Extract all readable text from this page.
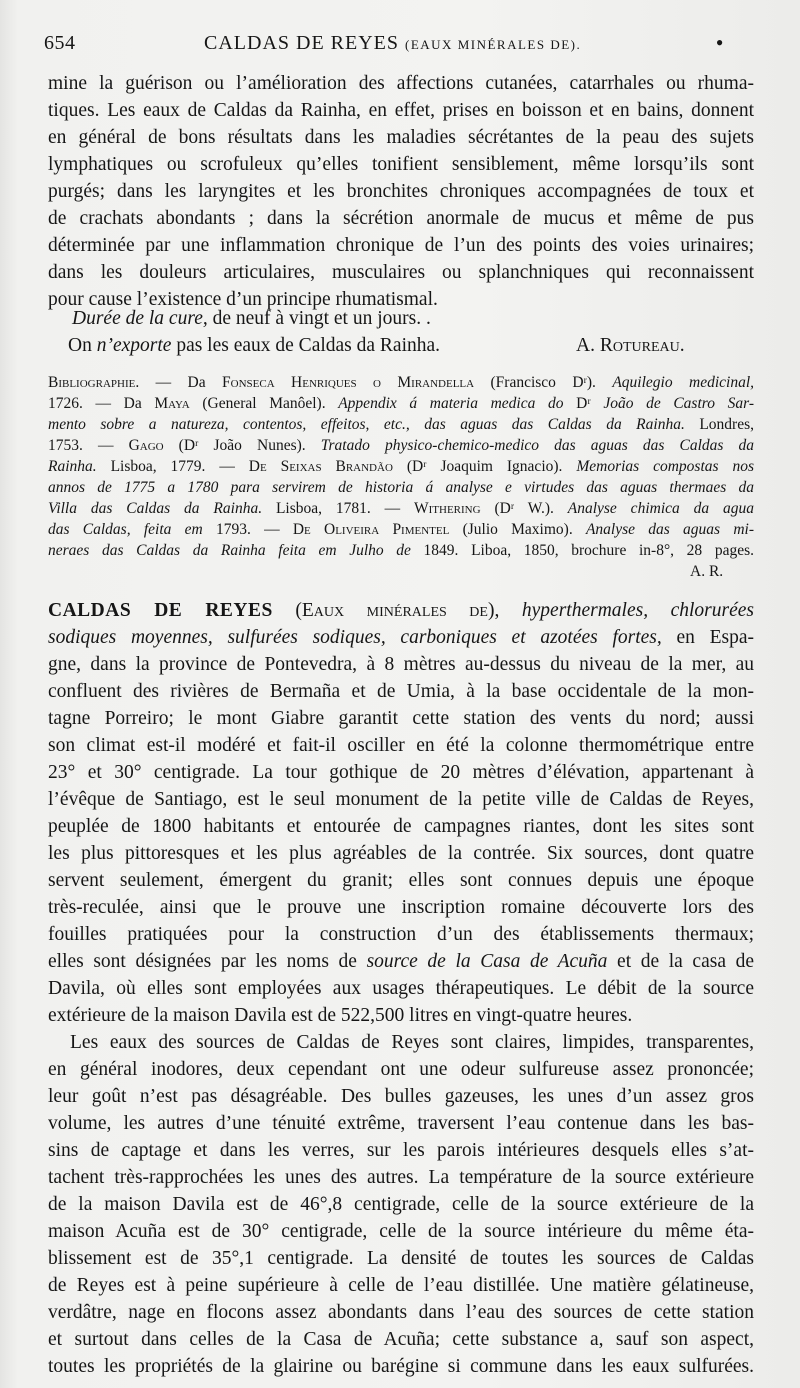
654	CALDAS DE REYES (EAUX MINÉRALES DE).	•
mine la guérison ou l’amélioration des affections cutanées, catarrhales ou rhuma-
tiques. Les eaux de Caldas da Rainha, en effet, prises en boisson et en bains, donnent
en général de bons résultats dans les maladies sécrétantes de la peau des sujets
lymphatiques ou scrofuleux qu’elles tonifient sensiblement, même lorsqu’ils sont
purgés; dans les laryngites et les bronchites chroniques accompagnées de toux et
de crachats abondants ; dans la sécrétion anormale de mucus et même de pus
déterminée par une inflammation chronique de l’un des points des voies urinaires;
dans les douleurs articulaires, musculaires ou splanchniques qui reconnaissent
pour cause l’existence d’un principe rhumatismal.
Durée de la cure, de neuf à vingt et un jours. .
On n’exporte pas les eaux de Caldas da Rainha.	A. Rotureau.
Bibliographie. — Da Fonseca Henriques o Mirandella (Francisco Dʳ). Aquilegio medicinal,
1726. — Da Maya (General Manôel). Appendix á materia medica do Dʳ João de Castro Sar-
mento sobre a natureza, contentos, effeitos, etc., das aguas das Caldas da Rainha. Londres,
1753. — Gago (Dʳ João Nunes). Tratado physico-chemico-medico das aguas das Caldas da
Rainha. Lisboa, 1779. — De Seixas Brandão (Dʳ Joaquim Ignacio). Memorias compostas nos
annos de 1775 a 1780 para servirem de historia á analyse e virtudes das aguas thermaes da
Villa das Caldas da Rainha. Lisboa, 1781. — Withering (Dʳ W.). Analyse chimica da agua
das Caldas, feita em 1793. — De Oliveira Pimentel (Julio Maximo). Analyse das aguas mi-
neraes das Caldas da Rainha feita em Julho de 1849. Liboa, 1850, brochure in-8°, 28 pages.
A. R.
CALDAS DE REYES (Eaux minérales de), hyperthermales, chlorurées
sodiques moyennes, sulfurées sodiques, carboniques et azotées fortes, en Espa-
gne, dans la province de Pontevedra, à 8 mètres au-dessus du niveau de la mer, au
confluent des rivières de Bermaña et de Umia, à la base occidentale de la mon-
tagne Porreiro; le mont Giabre garantit cette station des vents du nord; aussi
son climat est-il modéré et fait-il osciller en été la colonne thermométrique entre
23° et 30° centigrade. La tour gothique de 20 mètres d’élévation, appartenant à
l’évêque de Santiago, est le seul monument de la petite ville de Caldas de Reyes,
peuplée de 1800 habitants et entourée de campagnes riantes, dont les sites sont
les plus pittoresques et les plus agréables de la contrée. Six sources, dont quatre
servent seulement, émergent du granit; elles sont connues depuis une époque
très-reculée, ainsi que le prouve une inscription romaine découverte lors des
fouilles pratiquées pour la construction d’un des établissements thermaux;
elles sont désignées par les noms de source de la Casa de Acuña et de la casa de
Davila, où elles sont employées aux usages thérapeutiques. Le débit de la source
extérieure de la maison Davila est de 522,500 litres en vingt-quatre heures.
Les eaux des sources de Caldas de Reyes sont claires, limpides, transparentes,
en général inodores, deux cependant ont une odeur sulfureuse assez prononcée;
leur goût n’est pas désagréable. Des bulles gazeuses, les unes d’un assez gros
volume, les autres d’une ténuité extrême, traversent l’eau contenue dans les bas-
sins de captage et dans les verres, sur les parois intérieures desquels elles s’at-
tachent très-rapprochées les unes des autres. La température de la source extérieure
de la maison Davila est de 46°,8 centigrade, celle de la source extérieure de la
maison Acuña est de 30° centigrade, celle de la source intérieure du même éta-
blissement est de 35°,1 centigrade. La densité de toutes les sources de Caldas
de Reyes est à peine supérieure à celle de l’eau distillée. Une matière gélatineuse,
verdâtre, nage en flocons assez abondants dans l’eau des sources de cette station
et surtout dans celles de la Casa de Acuña; cette substance a, sauf son aspect,
toutes les propriétés de la glairine ou barégine si commune dans les eaux sulfurées.
